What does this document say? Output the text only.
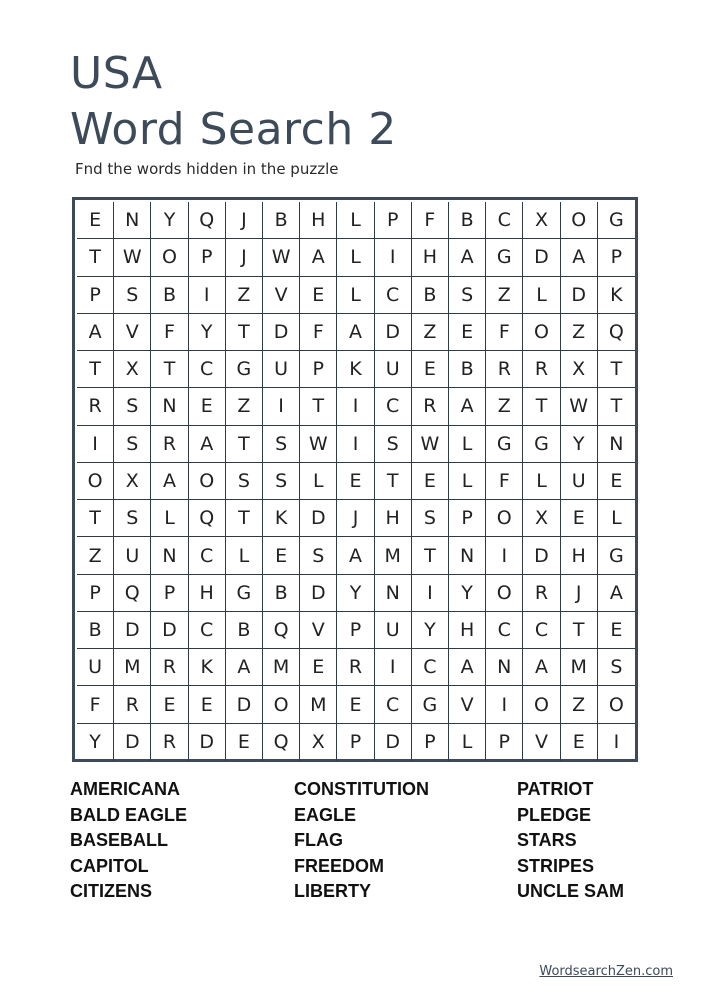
USA
Word Search 2
Fnd the words hidden in the puzzle
E	N	Y	Q	J	B	H	L	P	F	B	C	X	O	G
T	W	O	P	J	W	A	L	I	H	A	G	D	A	P
P	S	B	I	Z	V	E	L	C	B	S	Z	L	D	K
A	V	F	Y	T	D	F	A	D	Z	E	F	O	Z	Q
T	X	T	C	G	U	P	K	U	E	B	R	R	X	T
R	S	N	E	Z	I	T	I	C	R	A	Z	T	W	T
I	S	R	A	T	S	W	I	S	W	L	G	G	Y	N
O	X	A	O	S	S	L	E	T	E	L	F	L	U	E
T	S	L	Q	T	K	D	J	H	S	P	O	X	E	L
Z	U	N	C	L	E	S	A	M	T	N	I	D	H	G
P	Q	P	H	G	B	D	Y	N	I	Y	O	R	J	A
B	D	D	C	B	Q	V	P	U	Y	H	C	C	T	E
U	M	R	K	A	M	E	R	I	C	A	N	A	M	S
F	R	E	E	D	O	M	E	C	G	V	I	O	Z	O
Y	D	R	D	E	Q	X	P	D	P	L	P	V	E	I
AMERICANA
BALD EAGLE
BASEBALL
CAPITOL
CITIZENS
CONSTITUTION
EAGLE
FLAG
FREEDOM
LIBERTY
PATRIOT
PLEDGE
STARS
STRIPES
UNCLE SAM
WordsearchZen.com
